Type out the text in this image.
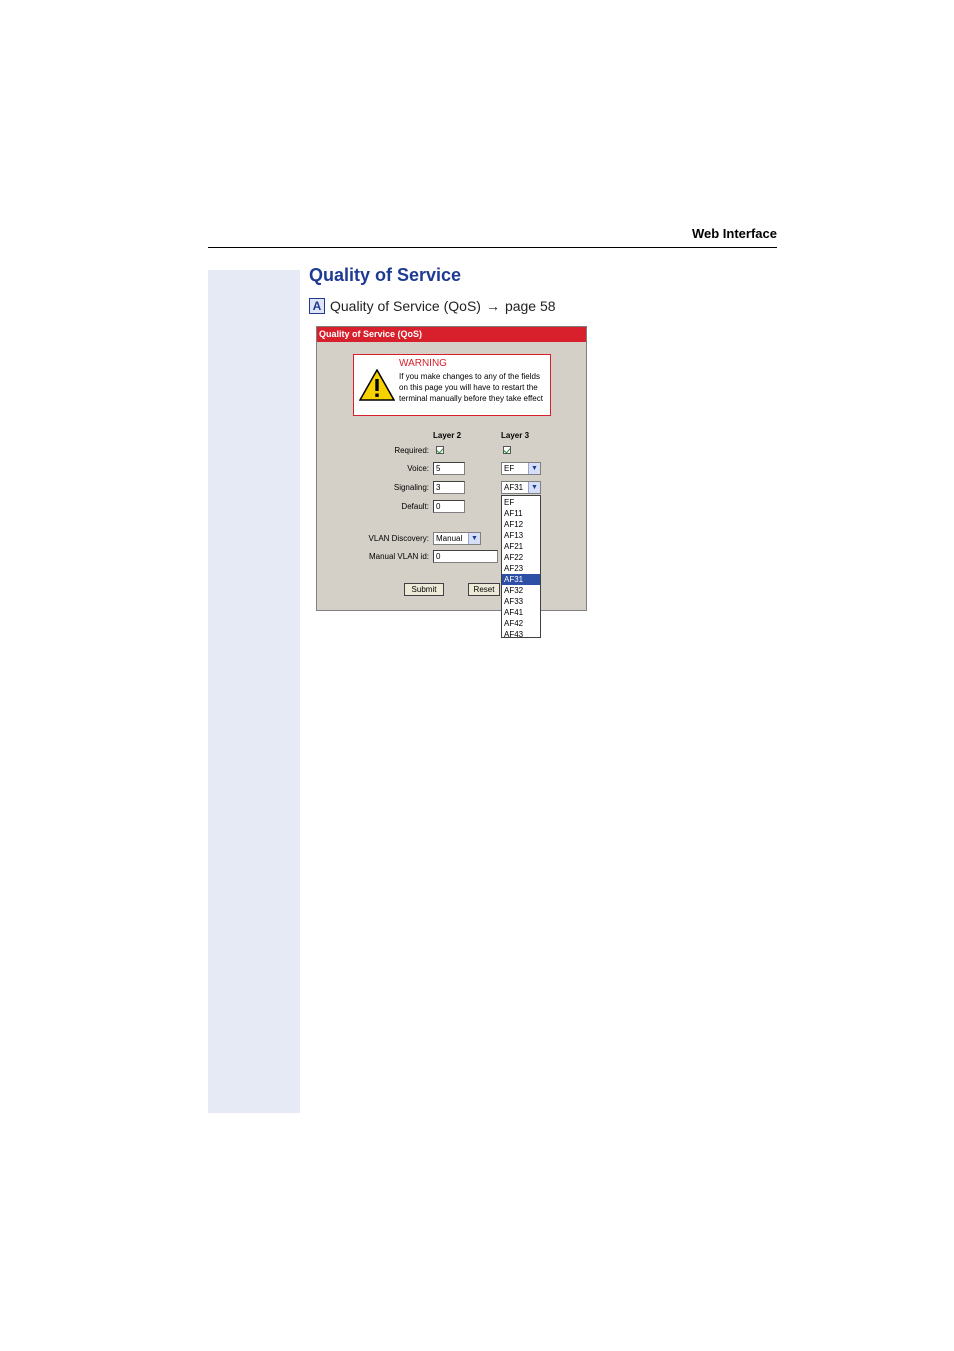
Web Interface
Quality of Service
A Quality of Service (QoS) → page 58
Quality of Service (QoS)
WARNING
If you make changes to any of the fields on this page you will have to restart the terminal manually before they take effect
Layer 2	Layer 3
Required:
Voice: 5	EF	▼
Signaling: 3	AF31	▼
Default: 0
VLAN Discovery: Manual	▼
Manual VLAN id: 0
Submit	Reset
EF
AF11
AF12
AF13
AF21
AF22
AF23
AF31
AF32
AF33
AF41
AF42
AF43
